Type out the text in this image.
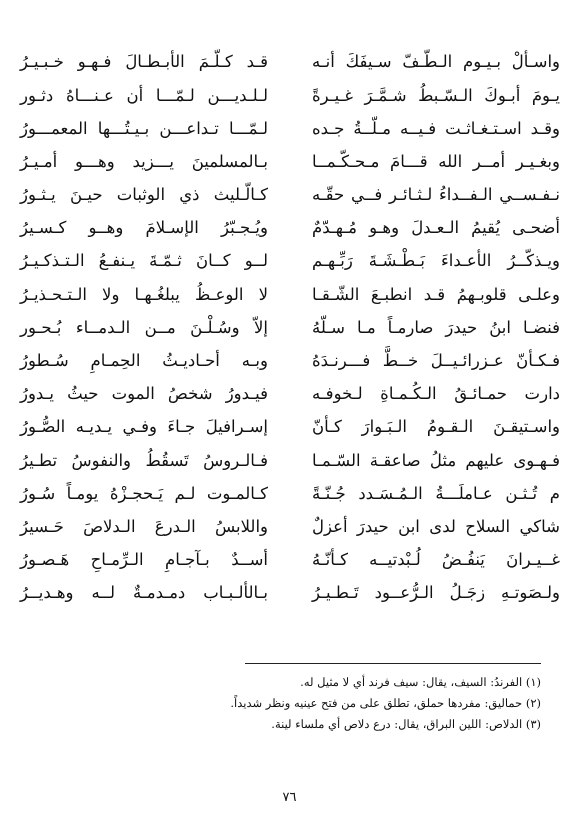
واسـألْ بـيـوم الـطّـفّ سـيفَكَ أنـه
قـد كـلّـمَ الأبـطـالَ فـهـو خـبـيـرُ
يـومَ أبـوكَ الـسّـبطُ شـمَّـرَ غـيـرةً
لـلـديـــن لـمّـــا أن عـنـــاهُ دثـور
وقـد اسـتـغـاثـت فـيــه مـلّــةُ جـده
لـمّـــا تـداعـــن بـيـتُـــها المعمـــورُ
وبغـيـر أمــر الله قـــامَ مـحـكّـمــا
بـالمسلمينَ يـــزيد وهـــو أمـيـرُ
نـفـســي الـفــداءُ لـثـائـر فــي حقّـه
كـالّـليث ذي الوثبات حيـنَ يـثـورُ
أضحـى يُقيمُ الـعـدلَ وهـو مُـهـدّمٌ
ويُـجـبّرُ الإسـلامَ وهــو كـسـيرُ
ويـذكّــرُ الأعـداءَ بَـطْـشَـةَ رَبِّـهـم
لــو كــانَ ثـمّـةَ يـنفـعُ الـتـذكـيـرُ
وعلـى قلوبـهمُ قـد انطبـعَ الشّـقـا
لا الوعـظُ يبلغُـهـا ولا الـتـحـذيـرُ
فنضـا ابنُ حيدرَ صارمـاً مـا سـلّهُ
إلاّ وسُـلْـنَ مــن الـدمــاء بُـحـور
فـكـأنّ عـزرائـيــلَ خــطَّ فـــرنـدَهُ
وبـه أحـاديـثُ الحِمـامِ سُـطورُ
دارت حمـائـقُ الـكُـمـاةِ لـخوفـه
فيـدورُ شخصُ الموت حيثُ يـدورُ
واسـتيقـنَ الـقـومُ الـبَـوارَ كـأنّ
إسـرافيلَ جـاءَ وفـي يـديـه الصُّـورُ
فـهـوى عليهم مثلُ صاعقـة السّـمـا
فـالـروسُ تَسقُطُ والنفوسُ تطـيرُ
م تُـثـن عـاملَـــةُ الـمُـسَـدد جُـنّـةً
كـالمـوت لـم يَـحجـزْهُ يومـاً سُـورُ
شاكي السلاح لدى ابن حيدرَ أعزلٌ
واللابسُ الـدرعَ الـدلاصَ حَـسيرُ
غــيـرانَ يَنفُـضُ لُـبْدتيــه كـأنّـهُ
أســدٌ بـآجـامِ الـرِّمـاحِ هَـصـورُ
ولـصَوتـهِ زجَـلُ الـرُّعــود تَـطـيـرُ
بـالألـبـاب دمـدمـةٌ لــه وهـديــرُ
(١) الفرندُ: السيف، يقال: سيف فرند أي لا مثيل له.
(٢) حماليق: مفردها حملق، تطلق على من فتح عينيه ونظر شديداً.
(٣) الدلاص: اللين البراق، يقال: درع دلاص أي ملساء لينة.
٧٦
